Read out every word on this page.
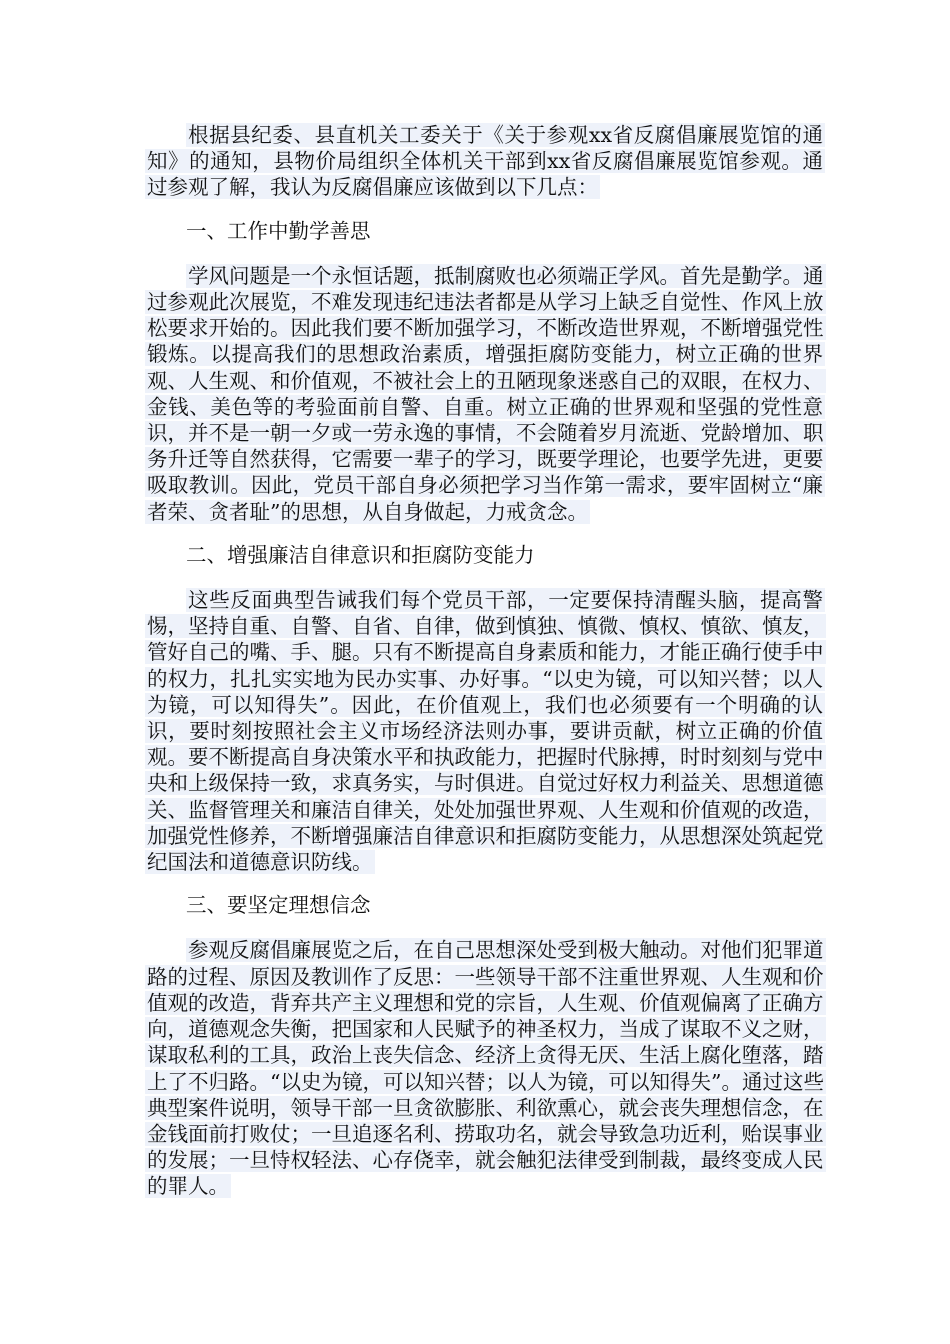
根据县纪委、县直机关工委关于《关于参观xx省反腐倡廉展览馆的通知》的通知，县物价局组织全体机关干部到xx省反腐倡廉展览馆参观。通过参观了解，我认为反腐倡廉应该做到以下几点：

一、工作中勤学善思

学风问题是一个永恒话题，抵制腐败也必须端正学风。首先是勤学。通过参观此次展览，不难发现违纪违法者都是从学习上缺乏自觉性、作风上放松要求开始的。因此我们要不断加强学习，不断改造世界观，不断增强党性锻炼。以提高我们的思想政治素质，增强拒腐防变能力，树立正确的世界观、人生观、和价值观，不被社会上的丑陋现象迷惑自己的双眼，在权力、金钱、美色等的考验面前自警、自重。树立正确的世界观和坚强的党性意识，并不是一朝一夕或一劳永逸的事情，不会随着岁月流逝、党龄增加、职务升迁等自然获得，它需要一辈子的学习，既要学理论，也要学先进，更要吸取教训。因此，党员干部自身必须把学习当作第一需求，要牢固树立“廉者荣、贪者耻”的思想，从自身做起，力戒贪念。

二、增强廉洁自律意识和拒腐防变能力

这些反面典型告诫我们每个党员干部，一定要保持清醒头脑，提高警惕，坚持自重、自警、自省、自律，做到慎独、慎微、慎权、慎欲、慎友，管好自己的嘴、手、腿。只有不断提高自身素质和能力，才能正确行使手中的权力，扎扎实实地为民办实事、办好事。“以史为镜，可以知兴替；以人为镜，可以知得失”。因此，在价值观上，我们也必须要有一个明确的认识，要时刻按照社会主义市场经济法则办事，要讲贡献，树立正确的价值观。要不断提高自身决策水平和执政能力，把握时代脉搏，时时刻刻与党中央和上级保持一致，求真务实，与时俱进。自觉过好权力利益关、思想道德关、监督管理关和廉洁自律关，处处加强世界观、人生观和价值观的改造，加强党性修养，不断增强廉洁自律意识和拒腐防变能力，从思想深处筑起党纪国法和道德意识防线。

三、要坚定理想信念

参观反腐倡廉展览之后，在自己思想深处受到极大触动。对他们犯罪道路的过程、原因及教训作了反思：一些领导干部不注重世界观、人生观和价值观的改造，背弃共产主义理想和党的宗旨，人生观、价值观偏离了正确方向，道德观念失衡，把国家和人民赋予的神圣权力，当成了谋取不义之财，谋取私利的工具，政治上丧失信念、经济上贪得无厌、生活上腐化堕落，踏上了不归路。“以史为镜，可以知兴替；以人为镜，可以知得失”。通过这些典型案件说明，领导干部一旦贪欲膨胀、利欲熏心，就会丧失理想信念，在金钱面前打败仗；一旦追逐名利、捞取功名，就会导致急功近利，贻误事业的发展；一旦恃权轻法、心存侥幸，就会触犯法律受到制裁，最终变成人民的罪人。
